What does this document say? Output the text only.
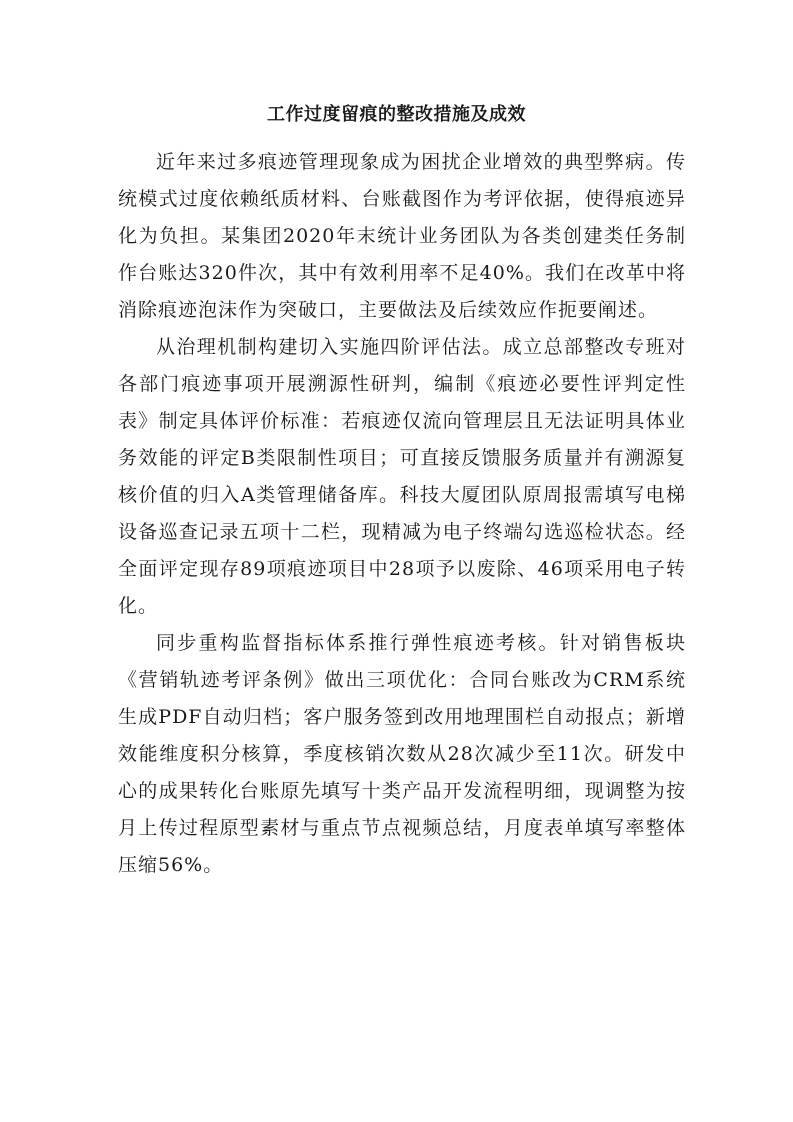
工作过度留痕的整改措施及成效

近年来过多痕迹管理现象成为困扰企业增效的典型弊病。传统模式过度依赖纸质材料、台账截图作为考评依据，使得痕迹异化为负担。某集团2020年末统计业务团队为各类创建类任务制作台账达320件次，其中有效利用率不足40%。我们在改革中将消除痕迹泡沫作为突破口，主要做法及后续效应作扼要阐述。

从治理机制构建切入实施四阶评估法。成立总部整改专班对各部门痕迹事项开展溯源性研判，编制《痕迹必要性评判定性表》制定具体评价标准：若痕迹仅流向管理层且无法证明具体业务效能的评定B类限制性项目；可直接反馈服务质量并有溯源复核价值的归入A类管理储备库。科技大厦团队原周报需填写电梯设备巡查记录五项十二栏，现精减为电子终端勾选巡检状态。经全面评定现存89项痕迹项目中28项予以废除、46项采用电子转化。

同步重构监督指标体系推行弹性痕迹考核。针对销售板块《营销轨迹考评条例》做出三项优化：合同台账改为CRM系统生成PDF自动归档；客户服务签到改用地理围栏自动报点；新增效能维度积分核算，季度核销次数从28次减少至11次。研发中心的成果转化台账原先填写十类产品开发流程明细，现调整为按月上传过程原型素材与重点节点视频总结，月度表单填写率整体压缩56%。
